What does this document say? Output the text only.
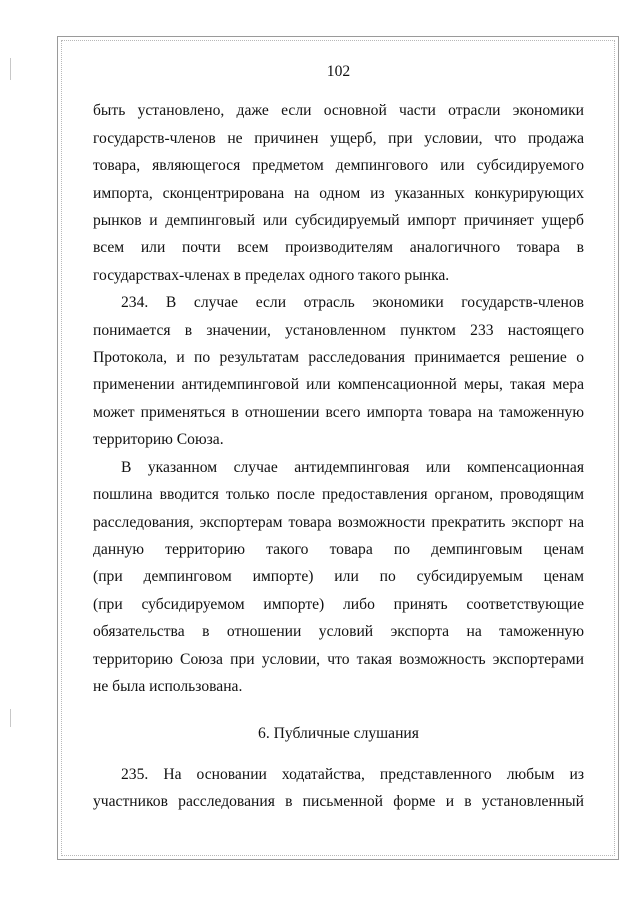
102
быть установлено, даже если основной части отрасли экономики
государств-членов не причинен ущерб, при условии, что продажа
товара, являющегося предметом демпингового или субсидируемого
импорта, сконцентрирована на одном из указанных конкурирующих
рынков и демпинговый или субсидируемый импорт причиняет ущерб
всем или почти всем производителям аналогичного товара в
государствах-членах в пределах одного такого рынка.
234. В случае если отрасль экономики государств-членов
понимается в значении, установленном пунктом 233 настоящего
Протокола, и по результатам расследования принимается решение о
применении антидемпинговой или компенсационной меры, такая мера
может применяться в отношении всего импорта товара на таможенную
территорию Союза.
В указанном случае антидемпинговая или компенсационная
пошлина вводится только после предоставления органом, проводящим
расследования, экспортерам товара возможности прекратить экспорт на
данную территорию такого товара по демпинговым ценам
(при демпинговом импорте) или по субсидируемым ценам
(при субсидируемом импорте) либо принять соответствующие
обязательства в отношении условий экспорта на таможенную
территорию Союза при условии, что такая возможность экспортерами
не была использована.
6. Публичные слушания
235. На основании ходатайства, представленного любым из
участников расследования в письменной форме и в установленный
